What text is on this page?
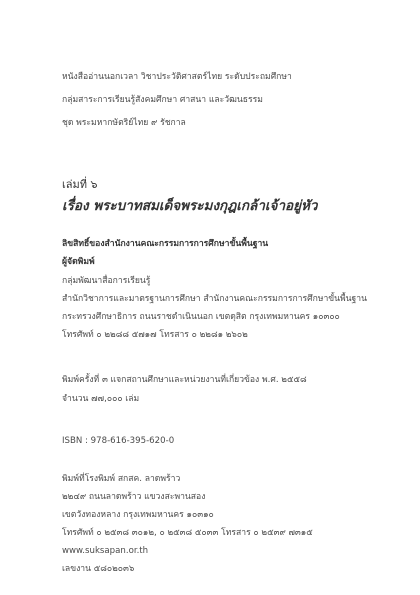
หนังสืออ่านนอกเวลา วิชาประวัติศาสตร์ไทย ระดับประถมศึกษา
กลุ่มสาระการเรียนรู้สังคมศึกษา ศาสนา และวัฒนธรรม
ชุด พระมหากษัตริย์ไทย ๙ รัชกาล
เล่มที่ ๖
เรื่อง พระบาทสมเด็จพระมงกุฎเกล้าเจ้าอยู่หัว
ลิขสิทธิ์ของสำนักงานคณะกรรมการการศึกษาขั้นพื้นฐาน
ผู้จัดพิมพ์
กลุ่มพัฒนาสื่อการเรียนรู้
สำนักวิชาการและมาตรฐานการศึกษา สำนักงานคณะกรรมการการศึกษาขั้นพื้นฐาน
กระทรวงศึกษาธิการ ถนนราชดำเนินนอก เขตดุสิต กรุงเทพมหานคร ๑๐๓๐๐
โทรศัพท์ ๐ ๒๒๘๘ ๕๗๑๗ โทรสาร ๐ ๒๒๘๑ ๒๖๐๒
พิมพ์ครั้งที่ ๓ แจกสถานศึกษาและหน่วยงานที่เกี่ยวข้อง พ.ศ. ๒๕๕๘
จำนวน ๗๗,๐๐๐ เล่ม
ISBN : 978-616-395-620-0
พิมพ์ที่โรงพิมพ์ สกสค. ลาดพร้าว
๒๒๔๙ ถนนลาดพร้าว แขวงสะพานสอง
เขตวังทองหลาง กรุงเทพมหานคร ๑๐๓๑๐
โทรศัพท์ ๐ ๒๕๓๘ ๓๐๑๒, ๐ ๒๕๓๘ ๕๐๓๓ โทรสาร ๐ ๒๕๓๙ ๗๓๑๕
www.suksapan.or.th
เลขงาน ๕๘๐๒๐๓๖
